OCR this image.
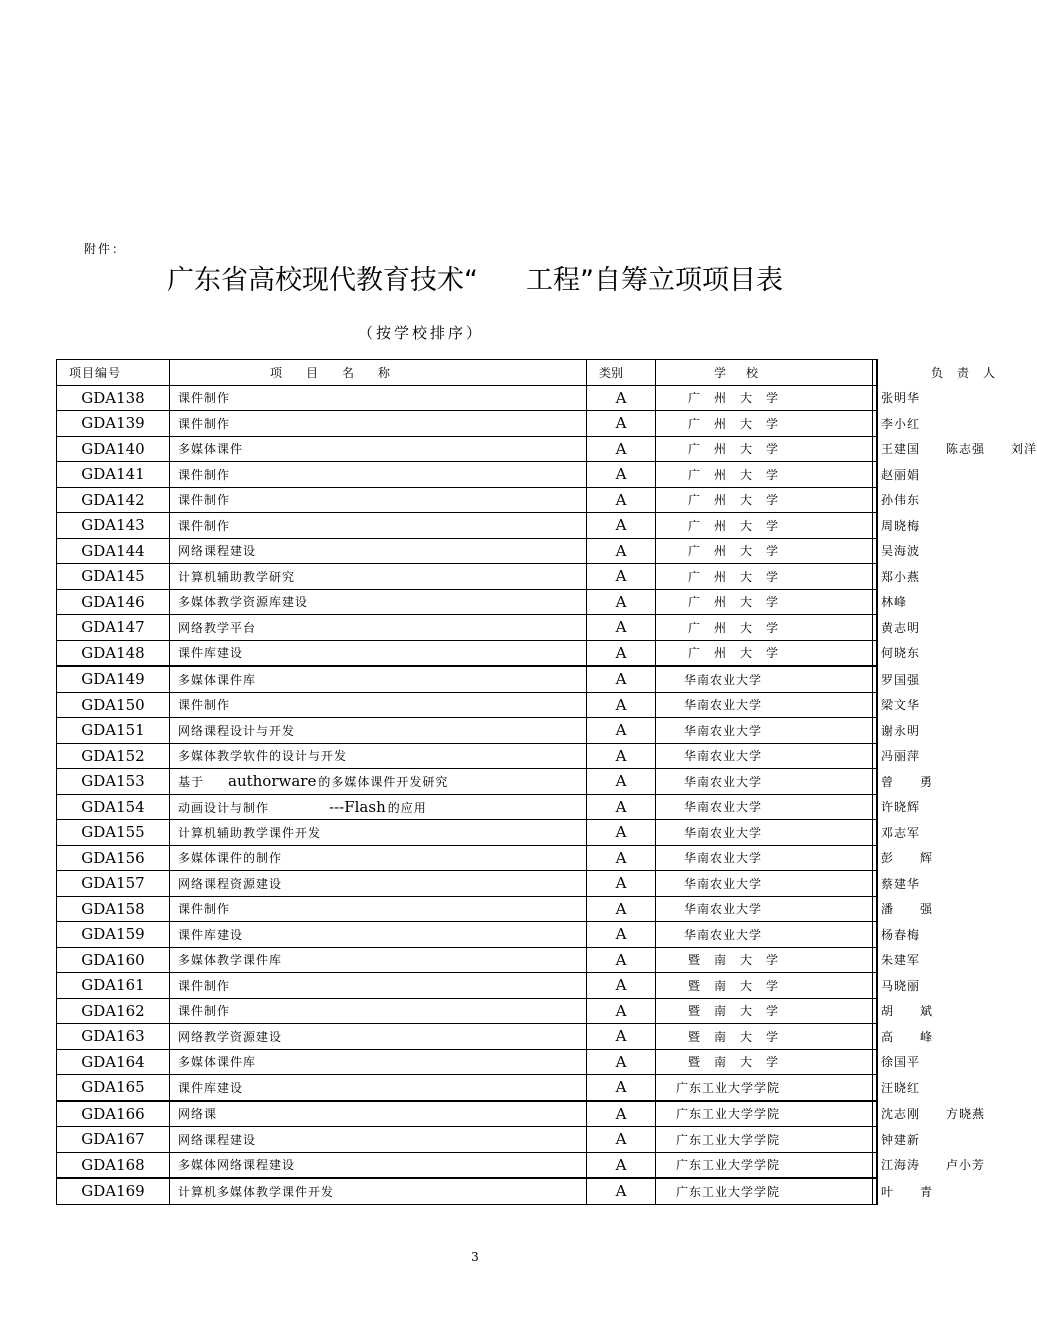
附件：
广东省高校现代教育技术“ 工程”自筹立项项目表
（按学校排序）
项目编号	项目名称	类别	学校	负责人
GDA138	课件制作	A	广州大学	张明华
GDA139	课件制作	A	广州大学	李小红
GDA140	多媒体课件	A	广州大学	王建国　　陈志强　　刘洋
GDA141	课件制作	A	广州大学	赵丽娟
GDA142	课件制作	A	广州大学	孙伟东
GDA143	课件制作	A	广州大学	周晓梅
GDA144	网络课程建设	A	广州大学	吴海波
GDA145	计算机辅助教学研究	A	广州大学	郑小燕
GDA146	多媒体教学资源库建设	A	广州大学	林峰
GDA147	网络教学平台	A	广州大学	黄志明
GDA148	课件库建设	A	广州大学	何晓东
GDA149	多媒体课件库	A	华南农业大学	罗国强
GDA150	课件制作	A	华南农业大学	梁文华
GDA151	网络课程设计与开发	A	华南农业大学	谢永明
GDA152	多媒体教学软件的设计与开发	A	华南农业大学	冯丽萍
GDA153	基于 authorware 的多媒体课件开发研究	A	华南农业大学	曾　　勇
GDA154	动画设计与制作 ---Flash 的应用	A	华南农业大学	许晓辉
GDA155	计算机辅助教学课件开发	A	华南农业大学	邓志军
GDA156	多媒体课件的制作	A	华南农业大学	彭　　辉
GDA157	网络课程资源建设	A	华南农业大学	蔡建华
GDA158	课件制作	A	华南农业大学	潘　　强
GDA159	课件库建设	A	华南农业大学	杨春梅
GDA160	多媒体教学课件库	A	暨南大学	朱建军
GDA161	课件制作	A	暨南大学	马晓丽
GDA162	课件制作	A	暨南大学	胡　　斌
GDA163	网络教学资源建设	A	暨南大学	高　　峰
GDA164	多媒体课件库	A	暨南大学	徐国平
GDA165	课件库建设	A	广东工业大学学院	汪晓红
GDA166	网络课	A	广东工业大学学院	沈志刚　　方晓燕
GDA167	网络课程建设	A	广东工业大学学院	钟建新
GDA168	多媒体网络课程建设	A	广东工业大学学院	江海涛　　卢小芳
GDA169	计算机多媒体教学课件开发	A	广东工业大学学院	叶　　青
3
